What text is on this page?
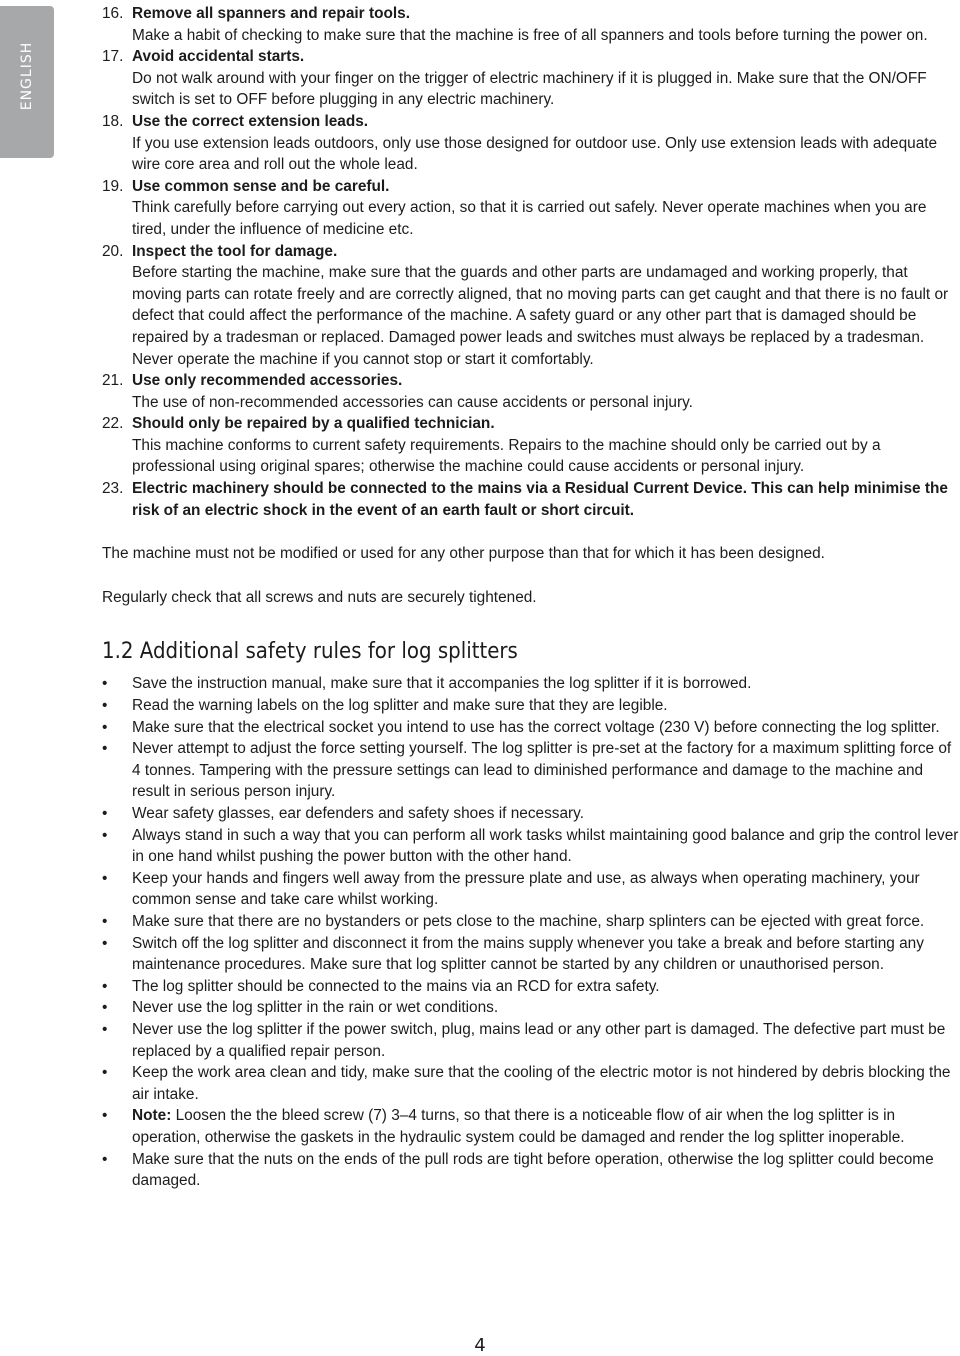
ENGLISH
16. Remove all spanners and repair tools.
Make a habit of checking to make sure that the machine is free of all spanners and tools before turning the power on.
17. Avoid accidental starts.
Do not walk around with your finger on the trigger of electric machinery if it is plugged in. Make sure that the ON/OFF switch is set to OFF before plugging in any electric machinery.
18. Use the correct extension leads.
If you use extension leads outdoors, only use those designed for outdoor use. Only use extension leads with adequate wire core area and roll out the whole lead.
19. Use common sense and be careful.
Think carefully before carrying out every action, so that it is carried out safely. Never operate machines when you are tired, under the influence of medicine etc.
20. Inspect the tool for damage.
Before starting the machine, make sure that the guards and other parts are undamaged and working properly, that moving parts can rotate freely and are correctly aligned, that no moving parts can get caught and that there is no fault or defect that could affect the performance of the machine. A safety guard or any other part that is damaged should be repaired by a tradesman or replaced. Damaged power leads and switches must always be replaced by a tradesman. Never operate the machine if you cannot stop or start it comfortably.
21. Use only recommended accessories.
The use of non-recommended accessories can cause accidents or personal injury.
22. Should only be repaired by a qualified technician.
This machine conforms to current safety requirements. Repairs to the machine should only be carried out by a professional using original spares; otherwise the machine could cause accidents or personal injury.
23. Electric machinery should be connected to the mains via a Residual Current Device. This can help minimise the risk of an electric shock in the event of an earth fault or short circuit.

The machine must not be modified or used for any other purpose than that for which it has been designed.

Regularly check that all screws and nuts are securely tightened.

1.2 Additional safety rules for log splitters
•	Save the instruction manual, make sure that it accompanies the log splitter if it is borrowed.
•	Read the warning labels on the log splitter and make sure that they are legible.
•	Make sure that the electrical socket you intend to use has the correct voltage (230 V) before connecting the log splitter.
•	Never attempt to adjust the force setting yourself. The log splitter is pre-set at the factory for a maximum splitting force of 4 tonnes. Tampering with the pressure settings can lead to diminished performance and damage to the machine and result in serious person injury.
•	Wear safety glasses, ear defenders and safety shoes if necessary.
•	Always stand in such a way that you can perform all work tasks whilst maintaining good balance and grip the control lever in one hand whilst pushing the power button with the other hand.
•	Keep your hands and fingers well away from the pressure plate and use, as always when operating machinery, your common sense and take care whilst working.
•	Make sure that there are no bystanders or pets close to the machine, sharp splinters can be ejected with great force.
•	Switch off the log splitter and disconnect it from the mains supply whenever you take a break and before starting any maintenance procedures. Make sure that log splitter cannot be started by any children or unauthorised person.
•	The log splitter should be connected to the mains via an RCD for extra safety.
•	Never use the log splitter in the rain or wet conditions.
•	Never use the log splitter if the power switch, plug, mains lead or any other part is damaged. The defective part must be replaced by a qualified repair person.
•	Keep the work area clean and tidy, make sure that the cooling of the electric motor is not hindered by debris blocking the air intake.
•	Note: Loosen the the bleed screw (7) 3–4 turns, so that there is a noticeable flow of air when the log splitter is in operation, otherwise the gaskets in the hydraulic system could be damaged and render the log splitter inoperable.
•	Make sure that the nuts on the ends of the pull rods are tight before operation, otherwise the log splitter could become damaged.
4
